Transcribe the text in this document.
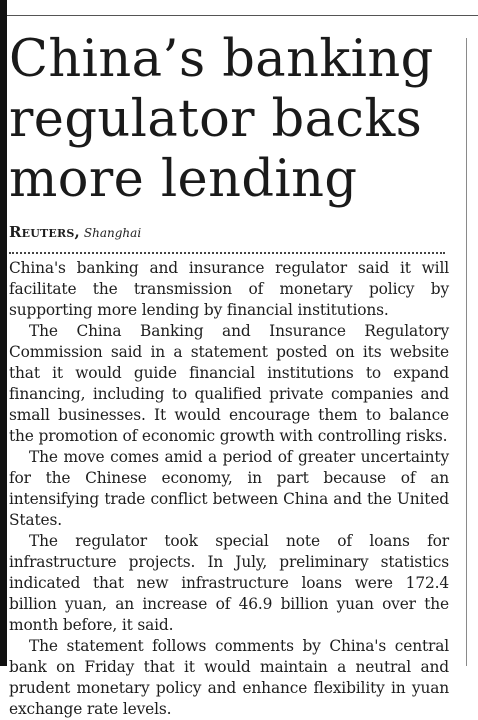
China’s banking
regulator backs
more lending
Reuters, Shanghai

China's banking and insurance regulator said it will facilitate the transmission of monetary policy by supporting more lending by financial institutions.

The China Banking and Insurance Regulatory Commission said in a statement posted on its website that it would guide financial institutions to expand financing, including to qualified private companies and small businesses. It would encourage them to balance the promotion of economic growth with controlling risks.

The move comes amid a period of greater uncertainty for the Chinese economy, in part because of an intensifying trade conflict between China and the United States.

The regulator took special note of loans for infrastructure projects. In July, preliminary statistics indicated that new infrastructure loans were 172.4 billion yuan, an increase of 46.9 billion yuan over the month before, it said.

The statement follows comments by China's central bank on Friday that it would maintain a neutral and prudent monetary policy and enhance flexibility in yuan exchange rate levels.
